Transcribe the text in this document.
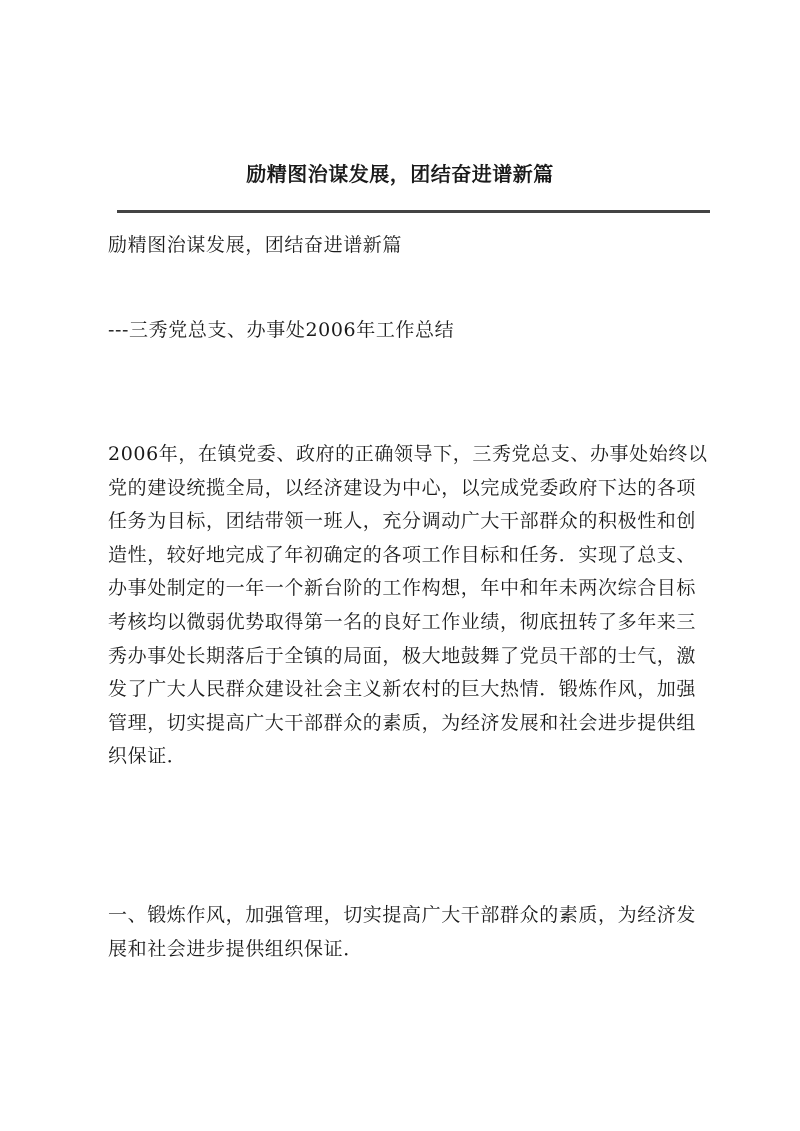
励精图治谋发展，团结奋进谱新篇

励精图治谋发展，团结奋进谱新篇

---三秀党总支、办事处2006年工作总结

2006年，在镇党委、政府的正确领导下，三秀党总支、办事处始终以党的建设统揽全局，以经济建设为中心，以完成党委政府下达的各项任务为目标，团结带领一班人，充分调动广大干部群众的积极性和创造性，较好地完成了年初确定的各项工作目标和任务．实现了总支、办事处制定的一年一个新台阶的工作构想，年中和年未两次综合目标考核均以微弱优势取得第一名的良好工作业绩，彻底扭转了多年来三秀办事处长期落后于全镇的局面，极大地鼓舞了党员干部的士气，激发了广大人民群众建设社会主义新农村的巨大热情．锻炼作风，加强管理，切实提高广大干部群众的素质，为经济发展和社会进步提供组织保证．

一、锻炼作风，加强管理，切实提高广大干部群众的素质，为经济发展和社会进步提供组织保证．
